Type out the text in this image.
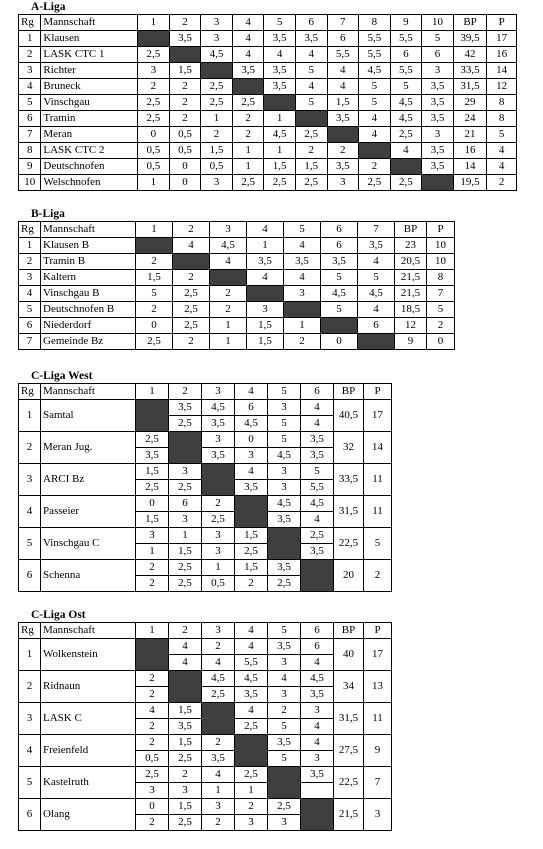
A-Liga
Rg	Mannschaft	1	2	3	4	5	6	7	8	9	10	BP	P
1	Klausen		3,5	3	4	3,5	3,5	6	5,5	5,5	5	39,5	17
2	LASK CTC 1	2,5		4,5	4	4	4	5,5	5,5	6	6	42	16
3	Richter	3	1,5		3,5	3,5	5	4	4,5	5,5	3	33,5	14
4	Bruneck	2	2	2,5		3,5	4	4	5	5	3,5	31,5	12
5	Vinschgau	2,5	2	2,5	2,5		5	1,5	5	4,5	3,5	29	8
6	Tramin	2,5	2	1	2	1		3,5	4	4,5	3,5	24	8
7	Meran	0	0,5	2	2	4,5	2,5		4	2,5	3	21	5
8	LASK CTC 2	0,5	0,5	1,5	1	1	2	2		4	3,5	16	4
9	Deutschnofen	0,5	0	0,5	1	1,5	1,5	3,5	2		3,5	14	4
10	Welschnofen	1	0	3	2,5	2,5	2,5	3	2,5	2,5		19,5	2
B-Liga
Rg	Mannschaft	1	2	3	4	5	6	7	BP	P
1	Klausen B		4	4,5	1	4	6	3,5	23	10
2	Tramin B	2		4	3,5	3,5	3,5	4	20,5	10
3	Kaltern	1,5	2		4	4	5	5	21,5	8
4	Vinschgau B	5	2,5	2		3	4,5	4,5	21,5	7
5	Deutschnofen B	2	2,5	2	3		5	4	18,5	5
6	Niederdorf	0	2,5	1	1,5	1		6	12	2
7	Gemeinde Bz	2,5	2	1	1,5	2	0		9	0
C-Liga West
Rg	Mannschaft	1	2	3	4	5	6	BP	P
1	Samtal		3,5	4,5	6	3	4	40,5	17
			2,5	3,5	4,5	5	4		
2	Meran Jug.	2,5		3	0	5	3,5	32	14
		3,5		3,5	3	4,5	3,5		
3	ARCI Bz	1,5	3		4	3	5	33,5	11
		2,5	2,5		3,5	3	5,5		
4	Passeier	0	6	2		4,5	4,5	31,5	11
		1,5	3	2,5		3,5	4		
5	Vinschgau C	3	1	3	1,5		2,5	22,5	5
		1	1,5	3	2,5		3,5		
6	Schenna	2	2,5	1	1,5	3,5		20	2
		2	2,5	0,5	2	2,5			
C-Liga Ost
Rg	Mannschaft	1	2	3	4	5	6	BP	P
1	Wolkenstein		4	2	4	3,5	6	40	17
			4	4	5,5	3	4		
2	Ridnaun	2		4,5	4,5	4	4,5	34	13
		2		2,5	3,5	3	3,5		
3	LASK C	4	1,5		4	2	3	31,5	11
		2	3,5		2,5	5	4		
4	Freienfeld	2	1,5	2		3,5	4	27,5	9
		0,5	2,5	3,5		5	3		
5	Kastelruth	2,5	2	4	2,5		3,5	22,5	7
		3	3	1	1				
6	Olang	0	1,5	3	2	2,5		21,5	3
		2	2,5	2	3	3			
